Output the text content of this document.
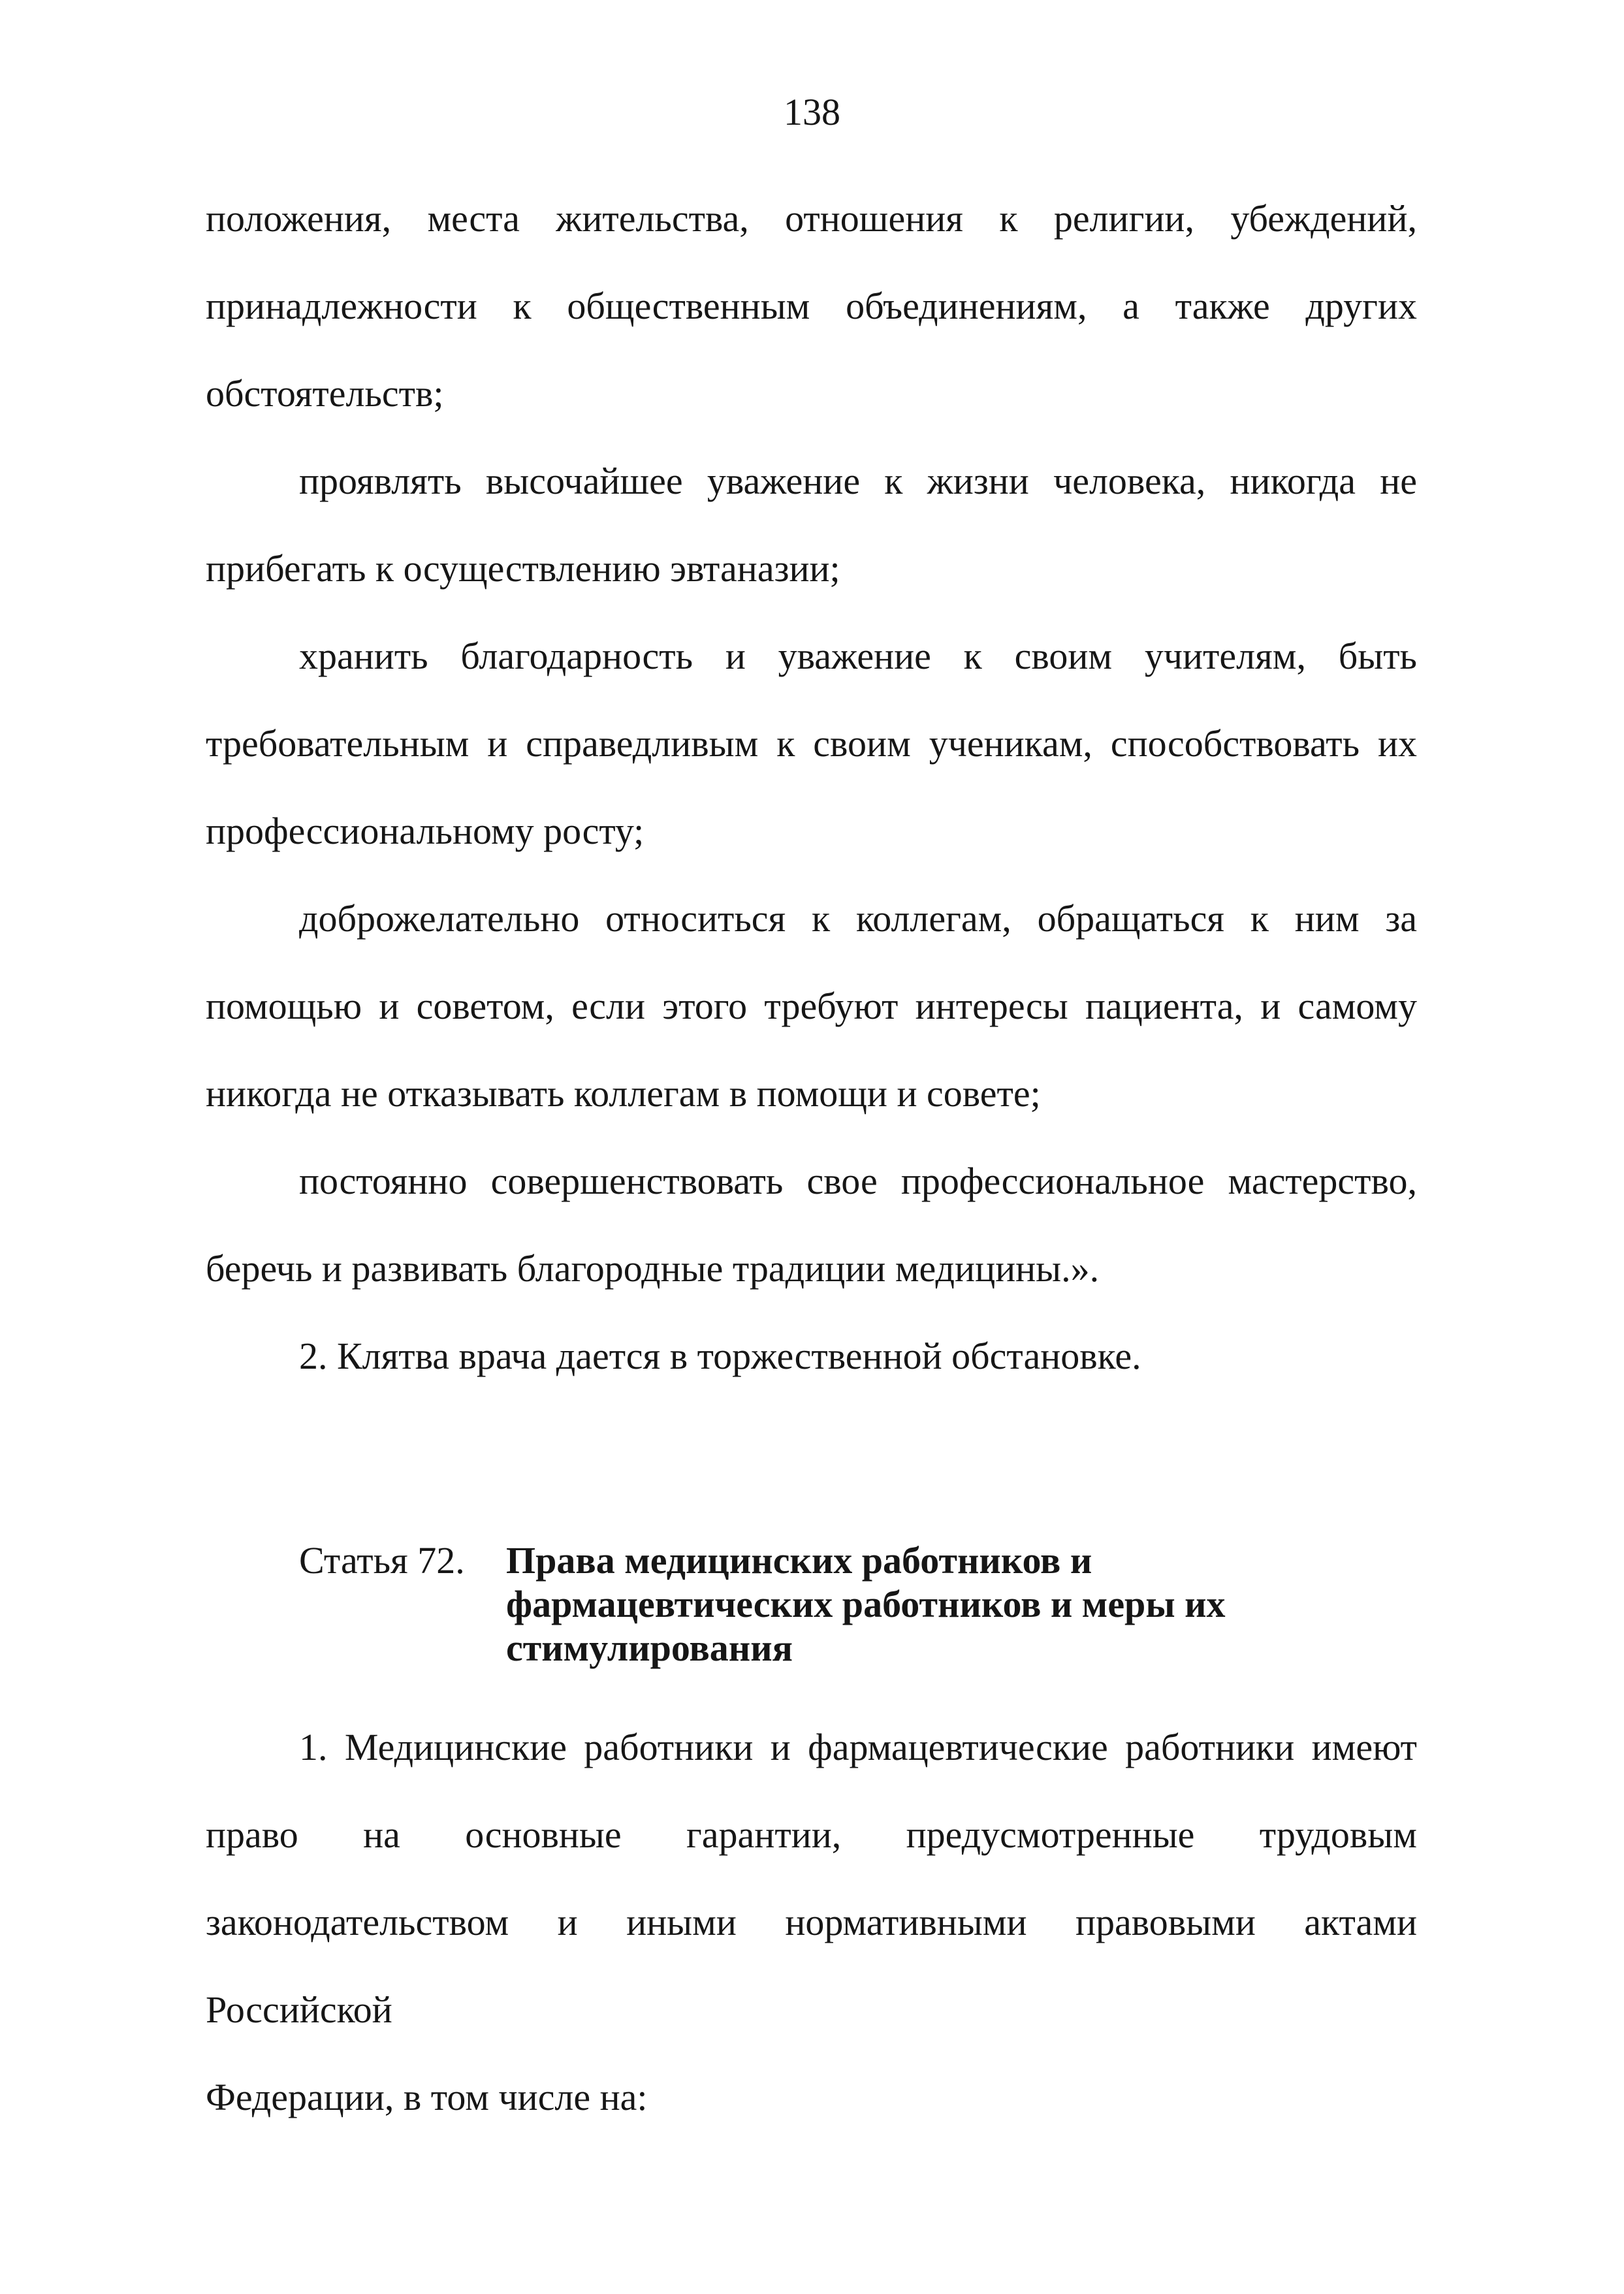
138

положения, места жительства, отношения к религии, убеждений, принадлежности к общественным объединениям, а также других обстоятельств;

проявлять высочайшее уважение к жизни человека, никогда не прибегать к осуществлению эвтаназии;

хранить благодарность и уважение к своим учителям, быть требовательным и справедливым к своим ученикам, способствовать их профессиональному росту;

доброжелательно относиться к коллегам, обращаться к ним за помощью и советом, если этого требуют интересы пациента, и самому никогда не отказывать коллегам в помощи и совете;

постоянно совершенствовать свое профессиональное мастерство, беречь и развивать благородные традиции медицины.».

2. Клятва врача дается в торжественной обстановке.

Статья 72.	Права медицинских работников и
фармацевтических работников и меры их
стимулирования

1. Медицинские работники и фармацевтические работники имеют

право на основные гарантии, предусмотренные трудовым

законодательством и иными нормативными правовыми актами Российской

Федерации, в том числе на:
